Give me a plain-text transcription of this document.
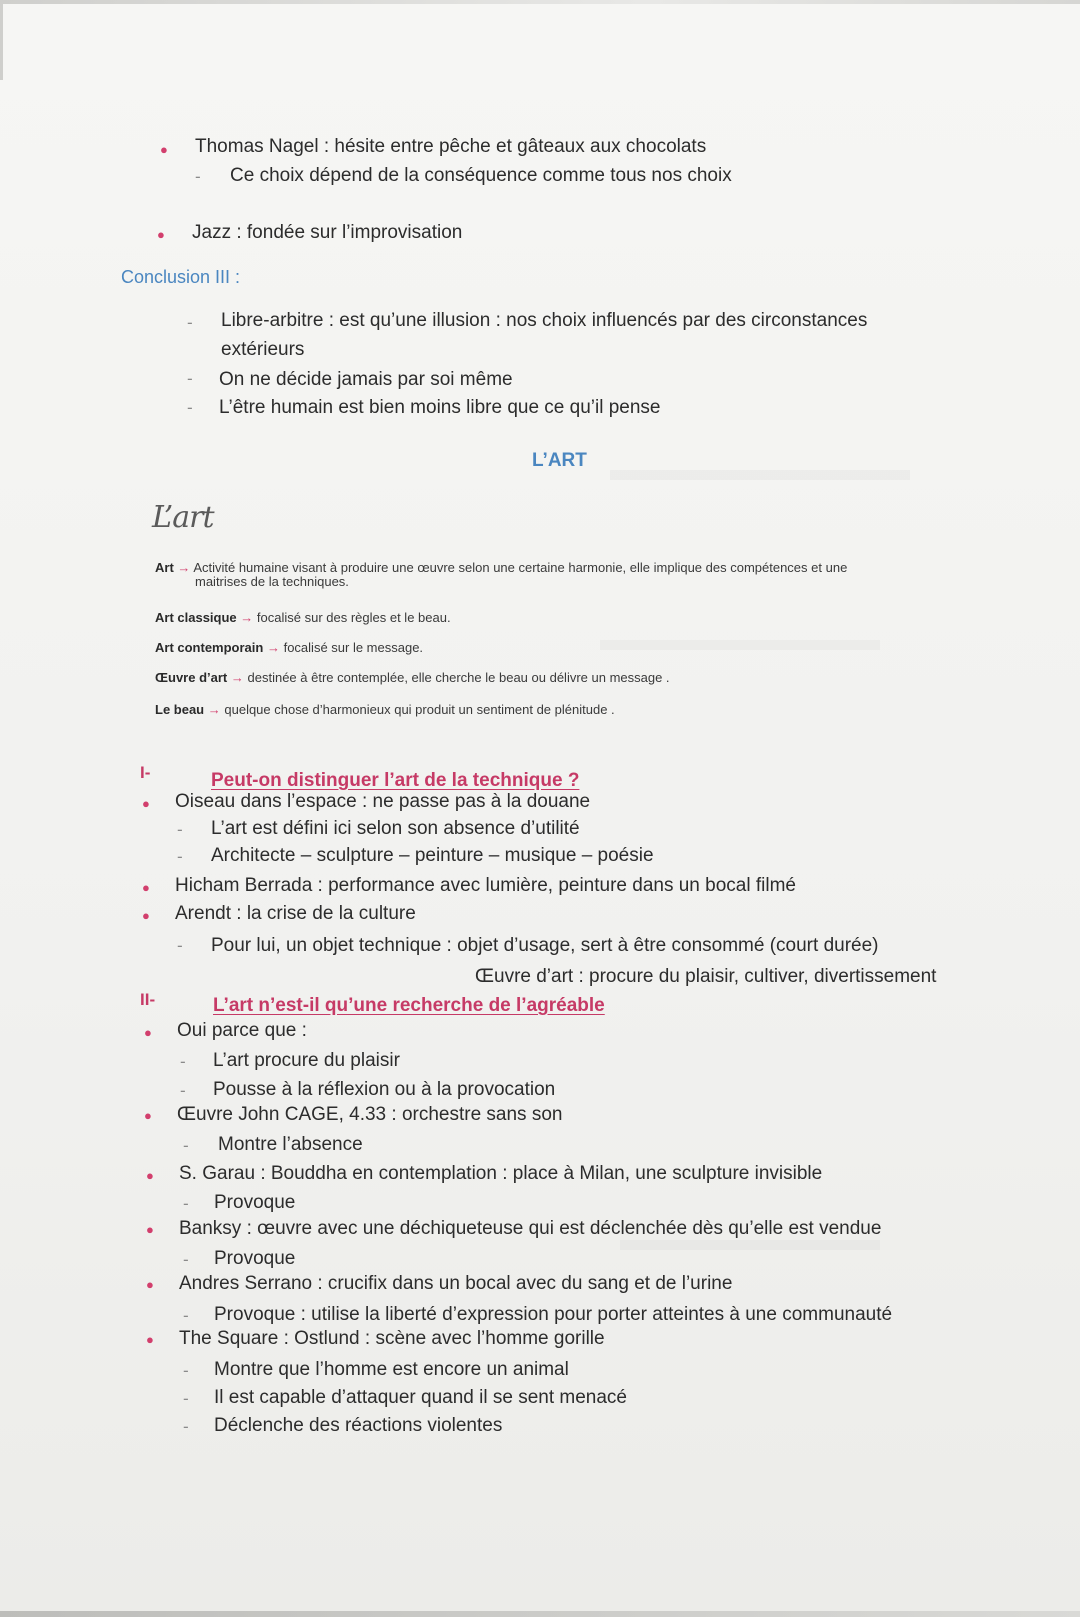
● Thomas Nagel : hésite entre pêche et gâteaux aux chocolats
- Ce choix dépend de la conséquence comme tous nos choix
● Jazz : fondée sur l’improvisation
Conclusion III :
- Libre-arbitre : est qu’une illusion : nos choix influencés par des circonstances
extérieurs
- On ne décide jamais par soi même
- L’être humain est bien moins libre que ce qu’il pense
L’ART
L’art
Art → Activité humaine visant à produire une œuvre selon une certaine harmonie, elle implique des compétences et une
maitrises de la techniques.
Art classique → focalisé sur des règles et le beau.
Art contemporain → focalisé sur le message.
Œuvre d’art → destinée à être contemplée, elle cherche le beau ou délivre un message .
Le beau → quelque chose d’harmonieux qui produit un sentiment de plénitude .
I-	Peut-on distinguer l’art de la technique ?
● Oiseau dans l’espace : ne passe pas à la douane
- L’art est défini ici selon son absence d’utilité
- Architecte – sculpture – peinture – musique – poésie
● Hicham Berrada : performance avec lumière, peinture dans un bocal filmé
● Arendt : la crise de la culture
- Pour lui, un objet technique : objet d’usage, sert à être consommé (court durée)
Œuvre d’art : procure du plaisir, cultiver, divertissement
II-	L’art n’est-il qu’une recherche de l’agréable
● Oui parce que :
- L’art procure du plaisir
- Pousse à la réflexion ou à la provocation
● Œuvre John CAGE, 4.33 : orchestre sans son
- Montre l’absence
● S. Garau : Bouddha en contemplation : place à Milan, une sculpture invisible
- Provoque
● Banksy : œuvre avec une déchiqueteuse qui est déclenchée dès qu’elle est vendue
- Provoque
● Andres Serrano : crucifix dans un bocal avec du sang et de l’urine
- Provoque : utilise la liberté d’expression pour porter atteintes à une communauté
● The Square : Ostlund : scène avec l’homme gorille
- Montre que l’homme est encore un animal
- Il est capable d’attaquer quand il se sent menacé
- Déclenche des réactions violentes
